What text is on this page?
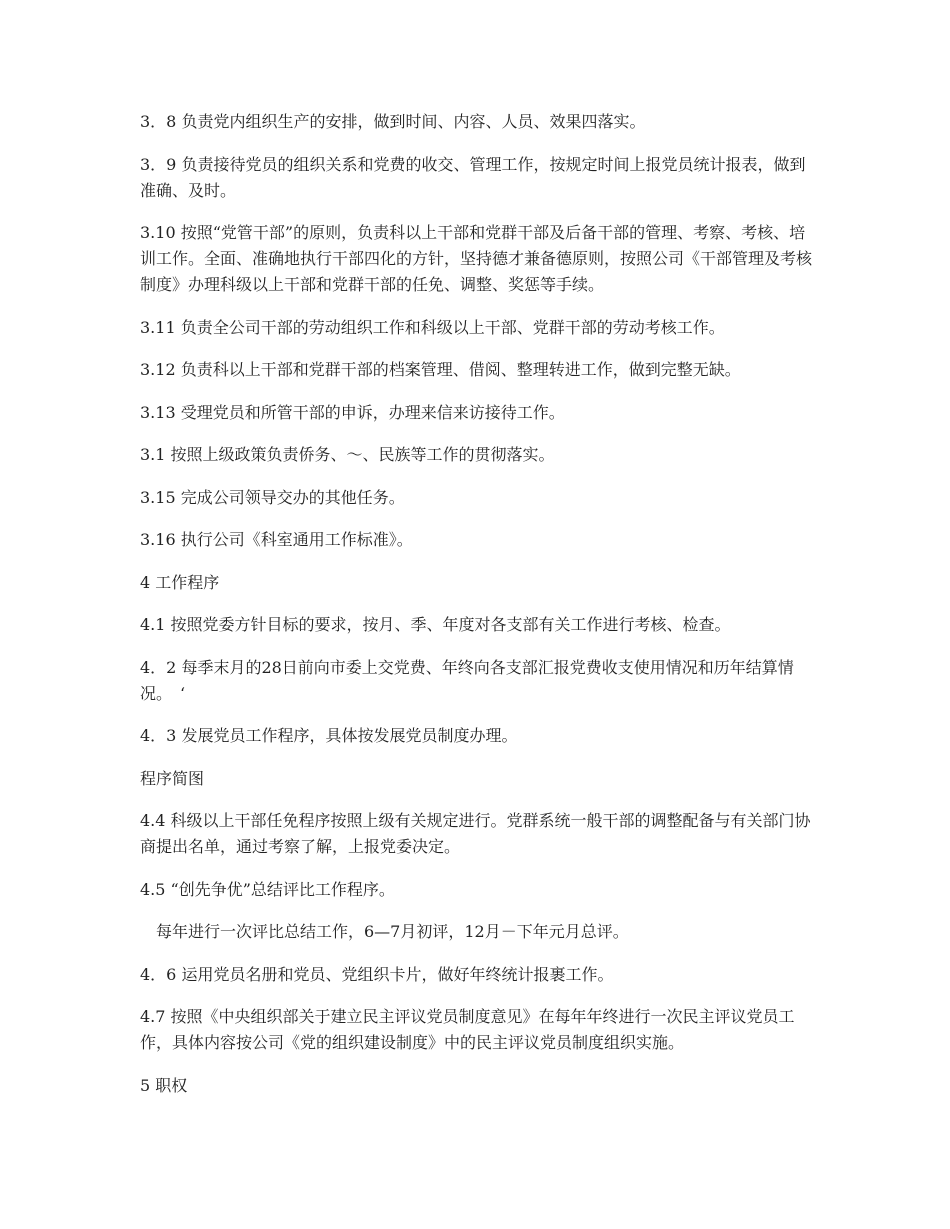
3．8 负责党内组织生产的安排，做到时间、内容、人员、效果四落实。

3．9 负责接待党员的组织关系和党费的收交、管理工作，按规定时间上报党员统计报表，做到准确、及时。

3.10 按照“党管干部”的原则，负责科以上干部和党群干部及后备干部的管理、考察、考核、培训工作。全面、准确地执行干部四化的方针，坚持德才兼备德原则，按照公司《干部管理及考核制度》办理科级以上干部和党群干部的任免、调整、奖惩等手续。

3.11 负责全公司干部的劳动组织工作和科级以上干部、党群干部的劳动考核工作。

3.12 负责科以上干部和党群干部的档案管理、借阅、整理转进工作，做到完整无缺。

3.13 受理党员和所管干部的申诉，办理来信来访接待工作。

3.1 按照上级政策负责侨务、～、民族等工作的贯彻落实。

3.15 完成公司领导交办的其他任务。

3.16 执行公司《科室通用工作标准》。

4 工作程序

4.1 按照党委方针目标的要求，按月、季、年度对各支部有关工作进行考核、检查。

4．2 每季末月的28日前向市委上交党费、年终向各支部汇报党费收支使用情况和历年结算情况。　‘

4．3 发展党员工作程序，具体按发展党员制度办理。

程序简图

4.4 科级以上干部任免程序按照上级有关规定进行。党群系统一般干部的调整配备与有关部门协商提出名单，通过考察了解，上报党委决定。

4.5 “创先争优”总结评比工作程序。

　每年进行一次评比总结工作，6—7月初评，12月－下年元月总评。

4．6 运用党员名册和党员、党组织卡片，做好年终统计报裹工作。

4.7 按照《中央组织部关于建立民主评议党员制度意见》在每年年终进行一次民主评议党员工作，具体内容按公司《党的组织建设制度》中的民主评议党员制度组织实施。

5 职权
